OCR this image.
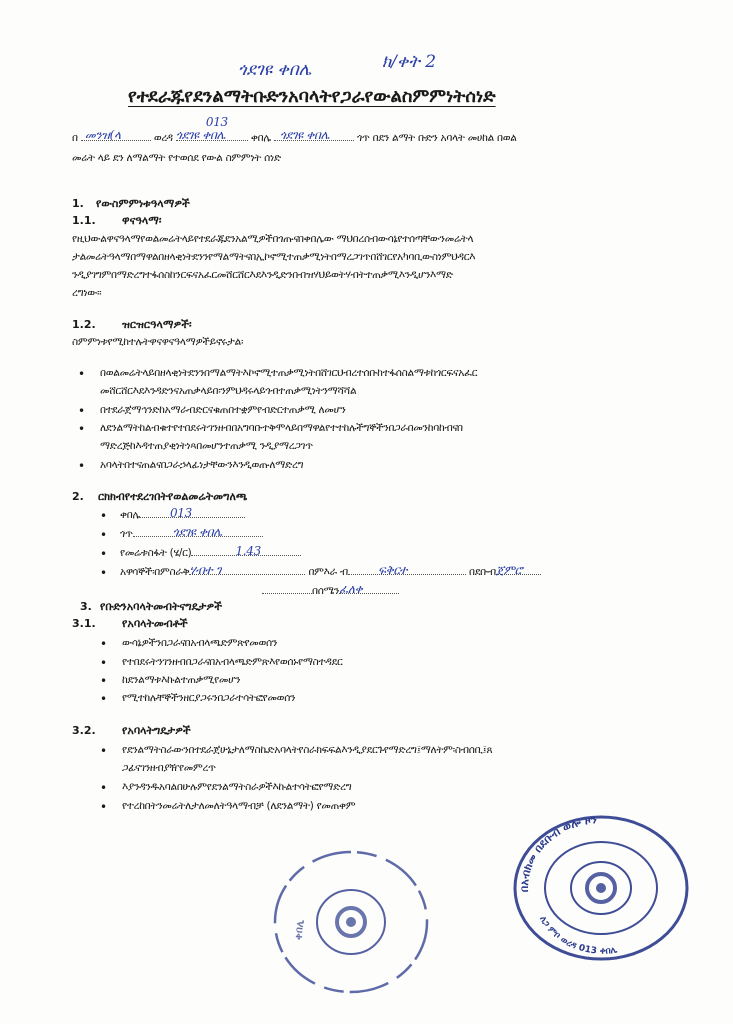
ጎደገዩ ቀበሌ	ክ/ቀት 2
የተደራጁየደንልማትቡድንአባላትየጋራየውልስምምነትሰነድ
በ መንዝ(ላ	ወረዳ ጎደገዩ ቀበሌ
013
ቀበሌ ጎደገዩ ቀበሌ	ጎጥ በደን ልማት ቡድን አባላት መሀከል በወል
መሬት ላይ ደን ለማልማት የተወሰደ የውል ስምምነት ሰነድ
1. የውስምምነቱዓላማዎች
1.1. ዋናዓላማ፡
የዚህውልዋናዓላማየወልመሬትላይየተደራጁደንአልሚዎችበጎጡናበቀበሌው ማህበረሰብውሳኔየተሰጣቸውንመሬትላ
ታልመሬትዓላማበማዋልበዘላቂነትደንንየማልማትናበኢኮኖሚተጠቃሚነትበማረጋገጥበሸገርየአካባቢውስነምህዳርእ
ንዲያገግምበማድረግተፋሰስከንርፍናአፈርመሸርሸርእደእንዲድንበብዝሃህይወትሃብትተጠቃሚእንዲሆንእማድ
ረግነው፡፡
1.2. ዝርዝርዓላማዎች፡
ስምምነቱየሚከተሉትዋናዋናዓላማዎችይኖሩታል፡
• በወልመሬትላይበዘላቂነትደንንበማልማትእኮኖሚተጠቃሚነትበሸገርህብረተሰቡከተፋሰስልማቱከጎርፍናአፈር
መሸርሸርእደእንዳድንናአጠቃላይበ፡ንምህዳሩላይጎብተጠቃሚነትንማሻሻል
• በተደራጀማኅንድከአማራብድርናቁጠበተቋምየብድርተጠቃሚ ለመሆን
• ለደንልማትከልብቁተየተበደሩትገንዘብበአግባቡተቅሞላይበማዋልየተተከሉችግኞችንበጋራበመንከባከብናበ
ማድረጅከእዳተጠያቂነትነጻበመሆንተጠቃሚ ንዲያማረጋገጥ
• አባላትበተናጠልናበጋራኃላፊነታቸውንእንዲወጡለማድረግ
2. ርክክብየተደረገበትየወልመሬትመግለጫ
• ቀበሌ	013
• ጎጥ	ጎደገዩ ቀበሌ
• የመሬቱስፋት (ሄ/ር)	1.43
• አዋሳኞች፡በምስራቅ ሃብተ ገ	በምእራ ብ	ፍቅርተ	በደቡብ ጀምሮ
በሰሜን ፈለቀ
3. የቡድንአባላትመብትናግዴታዎች
3.1. የአባላትመብቶች
• ውሳኔዎችንበጋራናበአብላጫድምጽየመወሰን
• የተበደሩትንገንዘብበጋራናበአብላጫድምጽእየወሰኑየማስተዳደር
• ከደንልማቱእኩልተጠቃሚየመሆን
• የሚተከሉቸኞችንዘርያጋሩንበጋራተሳትፎየመወሰን
3.2. የአባላትግዴታዎች
• የደንልማትስራውንበተደራጀሁኔታለማስኬድአባላትየስራክፍፍልእንዲያደርጉየማድረግ፤ማለትም፡ስብሰቢ፤ጸ
ጋፊናገንዘብያዥየመምረጥ
• እያንዳንዱአባልበሁሉምየደንልማትስራዎችእኩልተሳትፎየማድረግ
• የተረከበትንመሬትለታለመለትዓላማብቻ (ለደንልማት) የመጠቀም
በአብክመ በደቡብ ወሎ ዞን
ለጋ ምቦ ወረዳ 013 ቀበሌ
ቀበሌ
